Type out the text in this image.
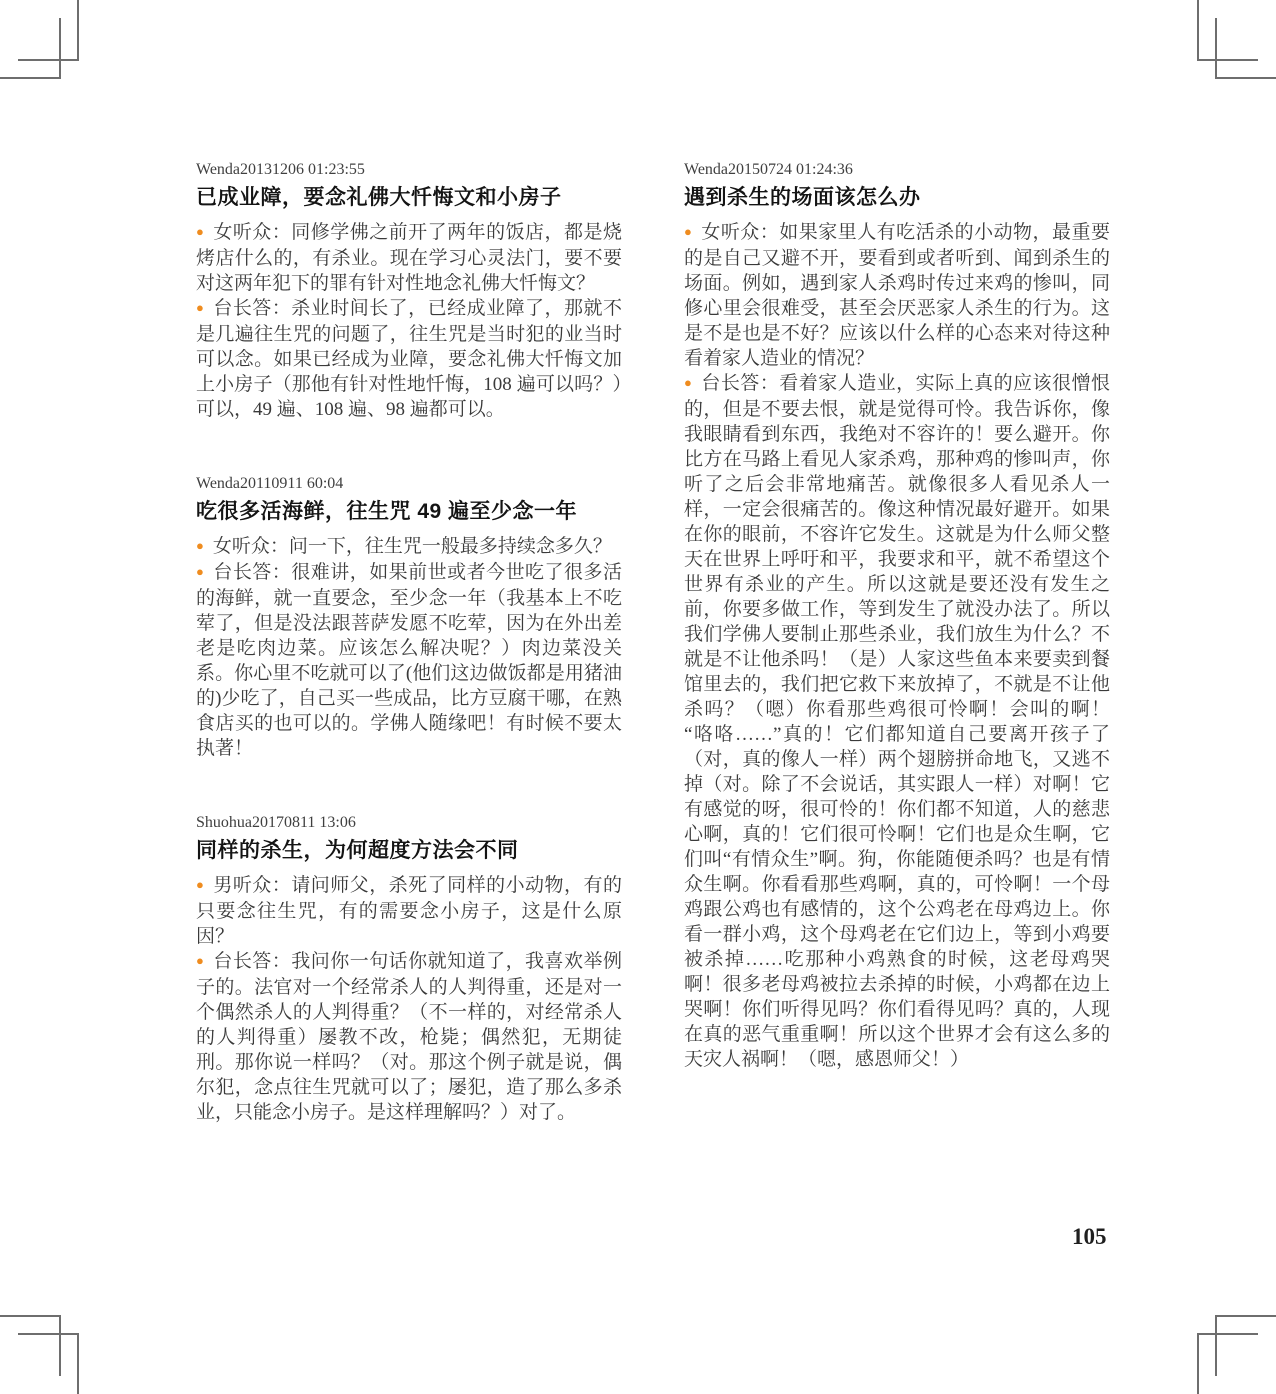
Wenda20131206 01:23:55
已成业障，要念礼佛大忏悔文和小房子

● 女听众：同修学佛之前开了两年的饭店，都是烧烤店什么的，有杀业。现在学习心灵法门，要不要对这两年犯下的罪有针对性地念礼佛大忏悔文？

● 台长答：杀业时间长了，已经成业障了，那就不是几遍往生咒的问题了，往生咒是当时犯的业当时可以念。如果已经成为业障，要念礼佛大忏悔文加上小房子（那他有针对性地忏悔，108 遍可以吗？）可以，49 遍、108 遍、98 遍都可以。

Wenda20110911 60:04
吃很多活海鲜，往生咒 49 遍至少念一年

● 女听众：问一下，往生咒一般最多持续念多久？

● 台长答：很难讲，如果前世或者今世吃了很多活的海鲜，就一直要念，至少念一年（我基本上不吃荤了，但是没法跟菩萨发愿不吃荤，因为在外出差老是吃肉边菜。应该怎么解决呢？）肉边菜没关系。你心里不吃就可以了(他们这边做饭都是用猪油的)少吃了，自己买一些成品，比方豆腐干哪，在熟食店买的也可以的。学佛人随缘吧！有时候不要太执著！

Shuohua20170811 13:06
同样的杀生，为何超度方法会不同

● 男听众：请问师父，杀死了同样的小动物，有的只要念往生咒，有的需要念小房子，这是什么原因？

● 台长答：我问你一句话你就知道了，我喜欢举例子的。法官对一个经常杀人的人判得重，还是对一个偶然杀人的人判得重？（不一样的，对经常杀人的人判得重）屡教不改，枪毙；偶然犯，无期徒刑。那你说一样吗？（对。那这个例子就是说，偶尔犯，念点往生咒就可以了；屡犯，造了那么多杀业，只能念小房子。是这样理解吗？）对了。

Wenda20150724 01:24:36
遇到杀生的场面该怎么办

● 女听众：如果家里人有吃活杀的小动物，最重要的是自己又避不开，要看到或者听到、闻到杀生的场面。例如，遇到家人杀鸡时传过来鸡的惨叫，同修心里会很难受，甚至会厌恶家人杀生的行为。这是不是也是不好？应该以什么样的心态来对待这种看着家人造业的情况？

● 台长答：看着家人造业，实际上真的应该很憎恨的，但是不要去恨，就是觉得可怜。我告诉你，像我眼睛看到东西，我绝对不容许的！要么避开。你比方在马路上看见人家杀鸡，那种鸡的惨叫声，你听了之后会非常地痛苦。就像很多人看见杀人一样，一定会很痛苦的。像这种情况最好避开。如果在你的眼前，不容许它发生。这就是为什么师父整天在世界上呼吁和平，我要求和平，就不希望这个世界有杀业的产生。所以这就是要还没有发生之前，你要多做工作，等到发生了就没办法了。所以我们学佛人要制止那些杀业，我们放生为什么？不就是不让他杀吗！（是）人家这些鱼本来要卖到餐馆里去的，我们把它救下来放掉了，不就是不让他杀吗？（嗯）你看那些鸡很可怜啊！会叫的啊！“咯咯……”真的！它们都知道自己要离开孩子了（对，真的像人一样）两个翅膀拼命地飞，又逃不掉（对。除了不会说话，其实跟人一样）对啊！它有感觉的呀，很可怜的！你们都不知道，人的慈悲心啊，真的！它们很可怜啊！它们也是众生啊，它们叫“有情众生”啊。狗，你能随便杀吗？也是有情众生啊。你看看那些鸡啊，真的，可怜啊！一个母鸡跟公鸡也有感情的，这个公鸡老在母鸡边上。你看一群小鸡，这个母鸡老在它们边上，等到小鸡要被杀掉……吃那种小鸡熟食的时候，这老母鸡哭啊！很多老母鸡被拉去杀掉的时候，小鸡都在边上哭啊！你们听得见吗？你们看得见吗？真的，人现在真的恶气重重啊！所以这个世界才会有这么多的天灾人祸啊！（嗯，感恩师父！）

105
